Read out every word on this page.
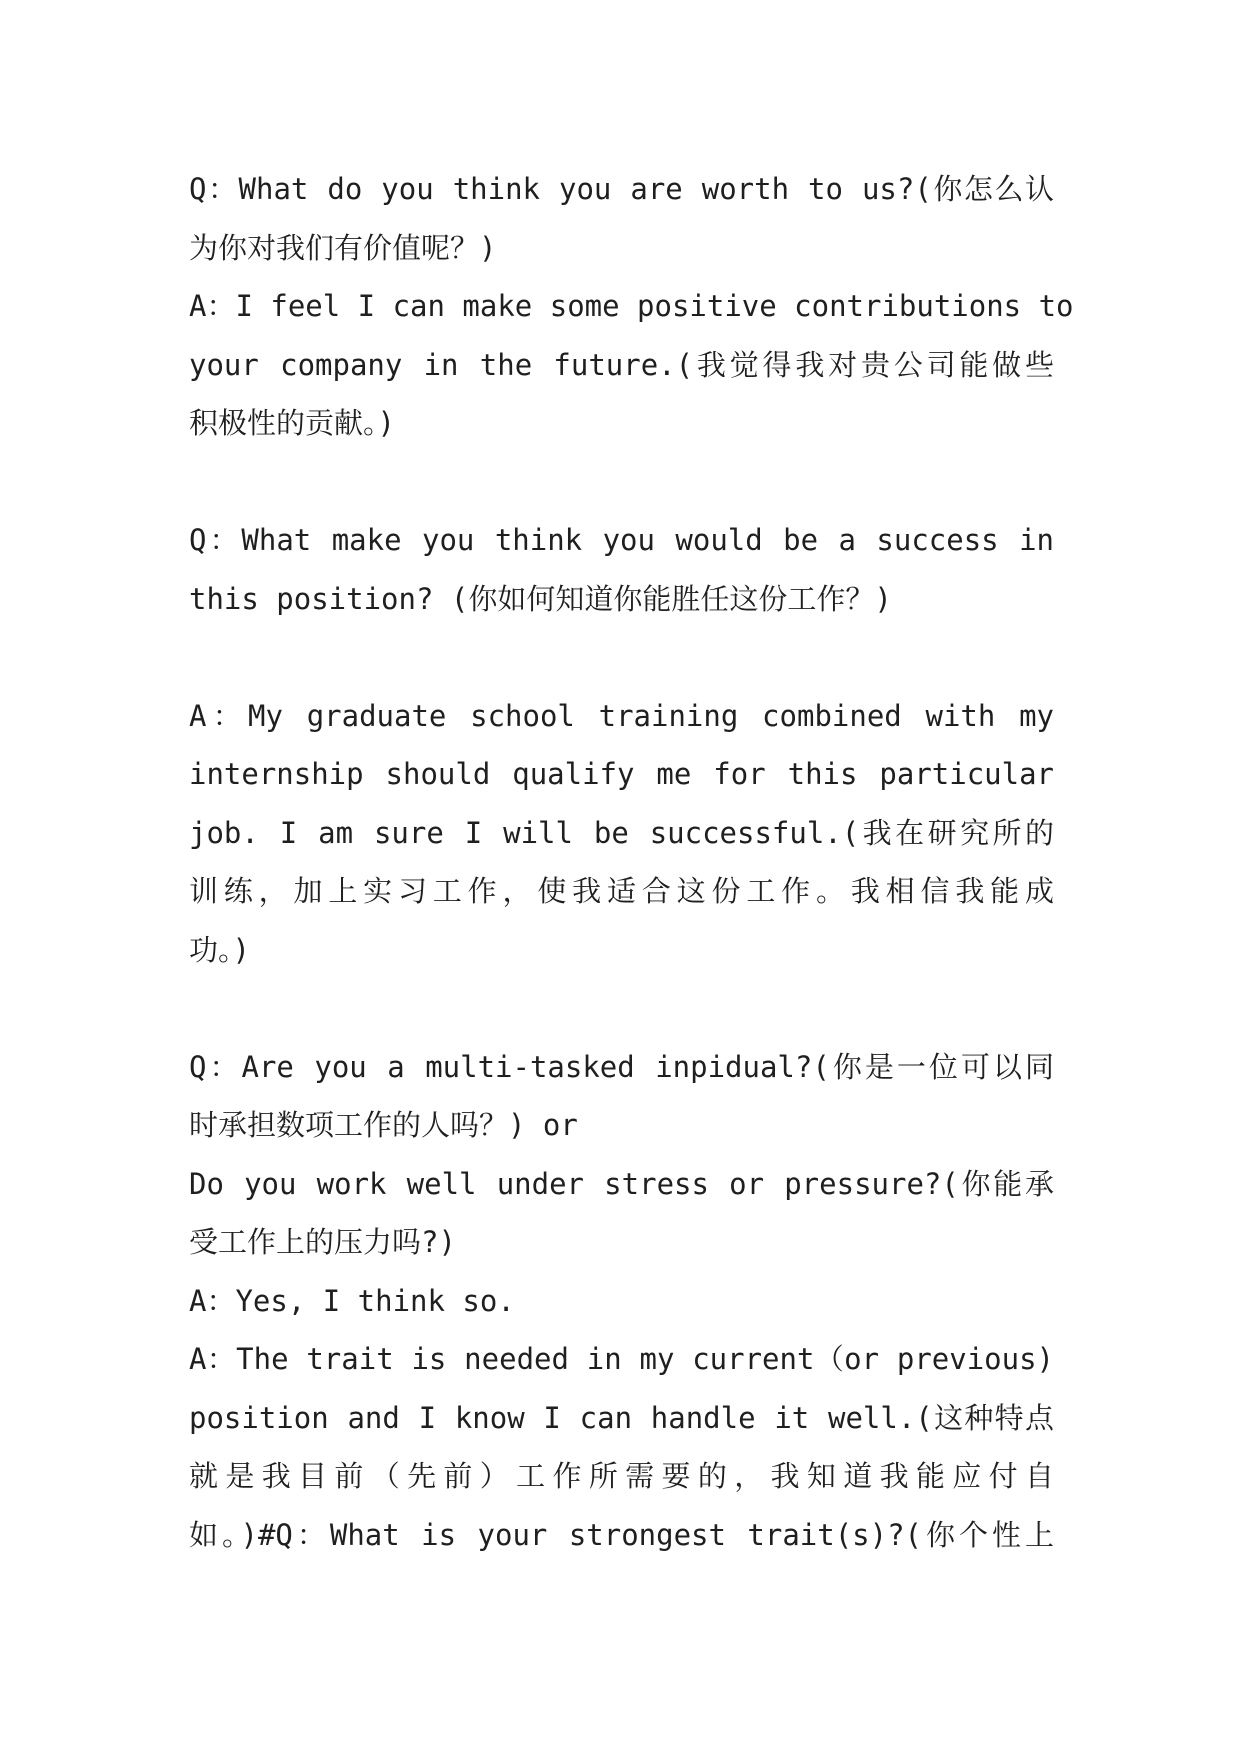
Q：What do you think you are worth to us?(你怎么认
为你对我们有价值呢？)
A：I feel I can make some positive contributions to
your company in the future.(我觉得我对贵公司能做些
积极性的贡献。)
Q：What make you think you would be a success in
this position? (你如何知道你能胜任这份工作？)
A：My graduate school training combined with my
internship should qualify me for this particular
job. I am sure I will be successful.(我在研究所的
训练，加上实习工作，使我适合这份工作。我相信我能成
功。)
Q：Are you a multi-tasked inpidual?(你是一位可以同
时承担数项工作的人吗？) or
Do you work well under stress or pressure?(你能承
受工作上的压力吗?)
A：Yes, I think so.
A：The trait is needed in my current（or previous)
position and I know I can handle it well.(这种特点
就是我目前（先前）工作所需要的，我知道我能应付自
如。)#Q：What is your strongest trait(s)?(你个性上
